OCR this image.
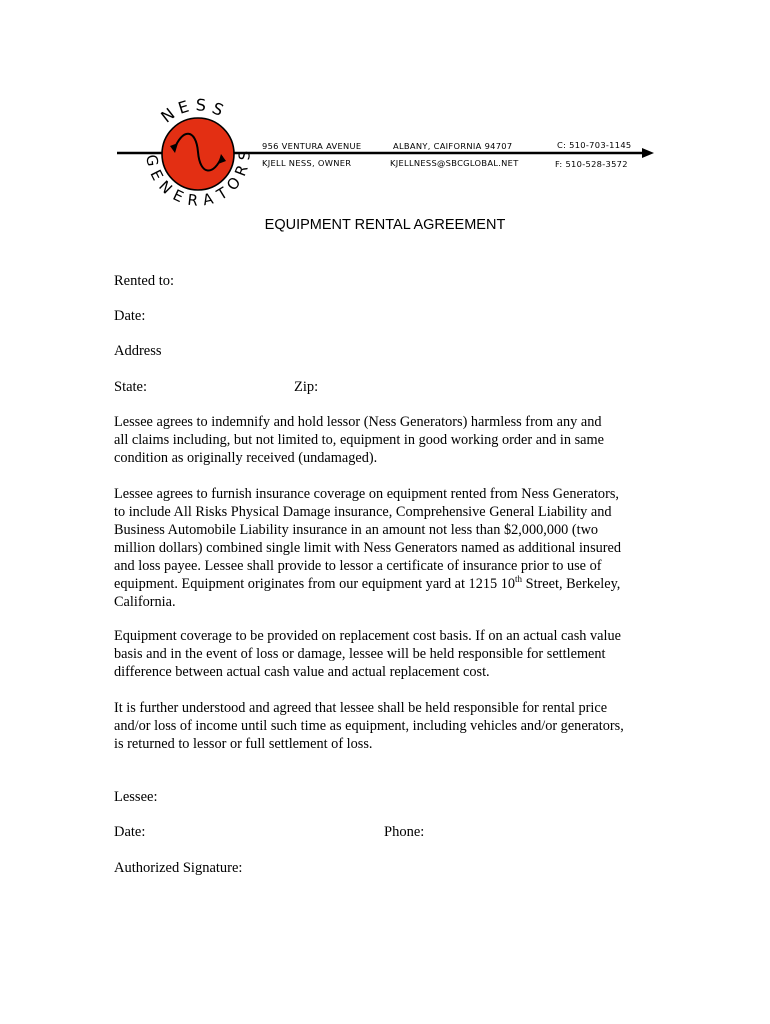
N
E S S
G
E
N
E R A
T
O
R
S
956 VENTURA AVENUE	ALBANY, CAIFORNIA 94707	C: 510-703-1145
KJELL NESS, OWNER	KJELLNESS@SBCGLOBAL.NET	F: 510-528-3572
EQUIPMENT RENTAL AGREEMENT
Rented to:
Date:
Address
State:	Zip:
Lessee agrees to indemnify and hold lessor (Ness Generators) harmless from any and
all claims including, but not limited to, equipment in good working order and in same
condition as originally received (undamaged).
Lessee agrees to furnish insurance coverage on equipment rented from Ness Generators,
to include All Risks Physical Damage insurance, Comprehensive General Liability and
Business Automobile Liability insurance in an amount not less than $2,000,000 (two
million dollars) combined single limit with Ness Generators named as additional insured
and loss payee. Lessee shall provide to lessor a certificate of insurance prior to use of
equipment. Equipment originates from our equipment yard at 1215 10th Street, Berkeley,
California.
Equipment coverage to be provided on replacement cost basis. If on an actual cash value
basis and in the event of loss or damage, lessee will be held responsible for settlement
difference between actual cash value and actual replacement cost.
It is further understood and agreed that lessee shall be held responsible for rental price
and/or loss of income until such time as equipment, including vehicles and/or generators,
is returned to lessor or full settlement of loss.
Lessee:
Date:	Phone:
Authorized Signature:
